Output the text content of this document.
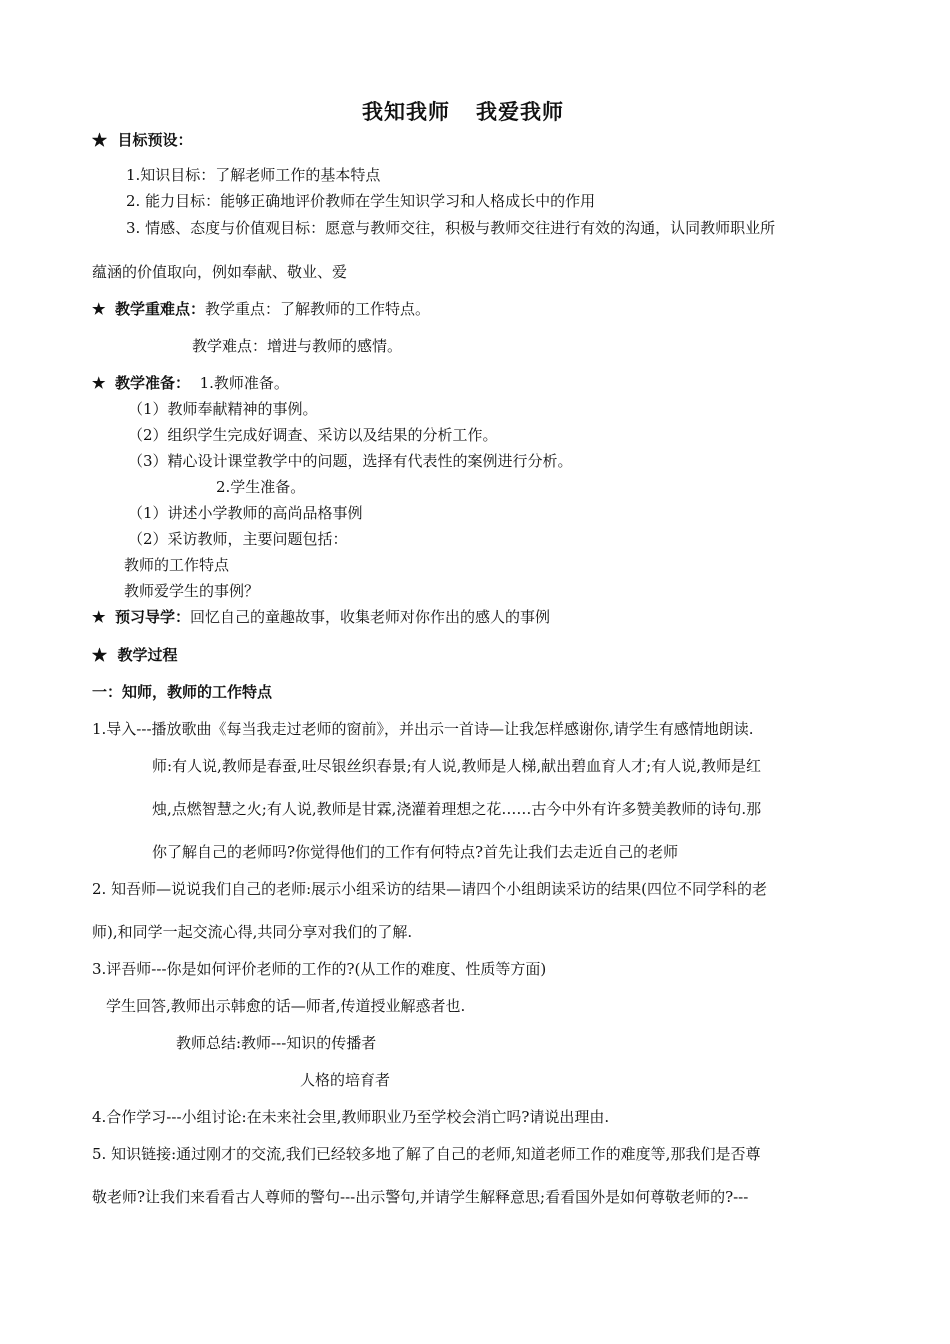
我知我师 我爱我师
★ 目标预设：
1.知识目标：了解老师工作的基本特点
2. 能力目标：能够正确地评价教师在学生知识学习和人格成长中的作用
3. 情感、态度与价值观目标：愿意与教师交往，积极与教师交往进行有效的沟通，认同教师职业所
蕴涵的价值取向，例如奉献、敬业、爱
★ 教学重难点：教学重点：了解教师的工作特点。
教学难点：增进与教师的感情。
★ 教学准备： 1.教师准备。
（1）教师奉献精神的事例。
（2）组织学生完成好调查、采访以及结果的分析工作。
（3）精心设计课堂教学中的问题，选择有代表性的案例进行分析。
2.学生准备。
（1）讲述小学教师的高尚品格事例
（2）采访教师，主要问题包括：
教师的工作特点
教师爱学生的事例？
★ 预习导学：回忆自己的童趣故事，收集老师对你作出的感人的事例
★ 教学过程
一：知师，教师的工作特点
1.导入---播放歌曲《每当我走过老师的窗前》，并出示一首诗—让我怎样感谢你,请学生有感情地朗读.
师:有人说,教师是春蚕,吐尽银丝织春景;有人说,教师是人梯,献出碧血育人才;有人说,教师是红
烛,点燃智慧之火;有人说,教师是甘霖,浇灌着理想之花……古今中外有许多赞美教师的诗句.那
你了解自己的老师吗?你觉得他们的工作有何特点?首先让我们去走近自己的老师
2. 知吾师—说说我们自己的老师:展示小组采访的结果—请四个小组朗读采访的结果(四位不同学科的老
师),和同学一起交流心得,共同分享对我们的了解.
3.评吾师---你是如何评价老师的工作的?(从工作的难度、性质等方面)
学生回答,教师出示韩愈的话—师者,传道授业解惑者也.
教师总结:教师---知识的传播者
人格的培育者
4.合作学习---小组讨论:在未来社会里,教师职业乃至学校会消亡吗?请说出理由.
5. 知识链接:通过刚才的交流,我们已经较多地了解了自己的老师,知道老师工作的难度等,那我们是否尊
敬老师?让我们来看看古人尊师的警句---出示警句,并请学生解释意思;看看国外是如何尊敬老师的?---
